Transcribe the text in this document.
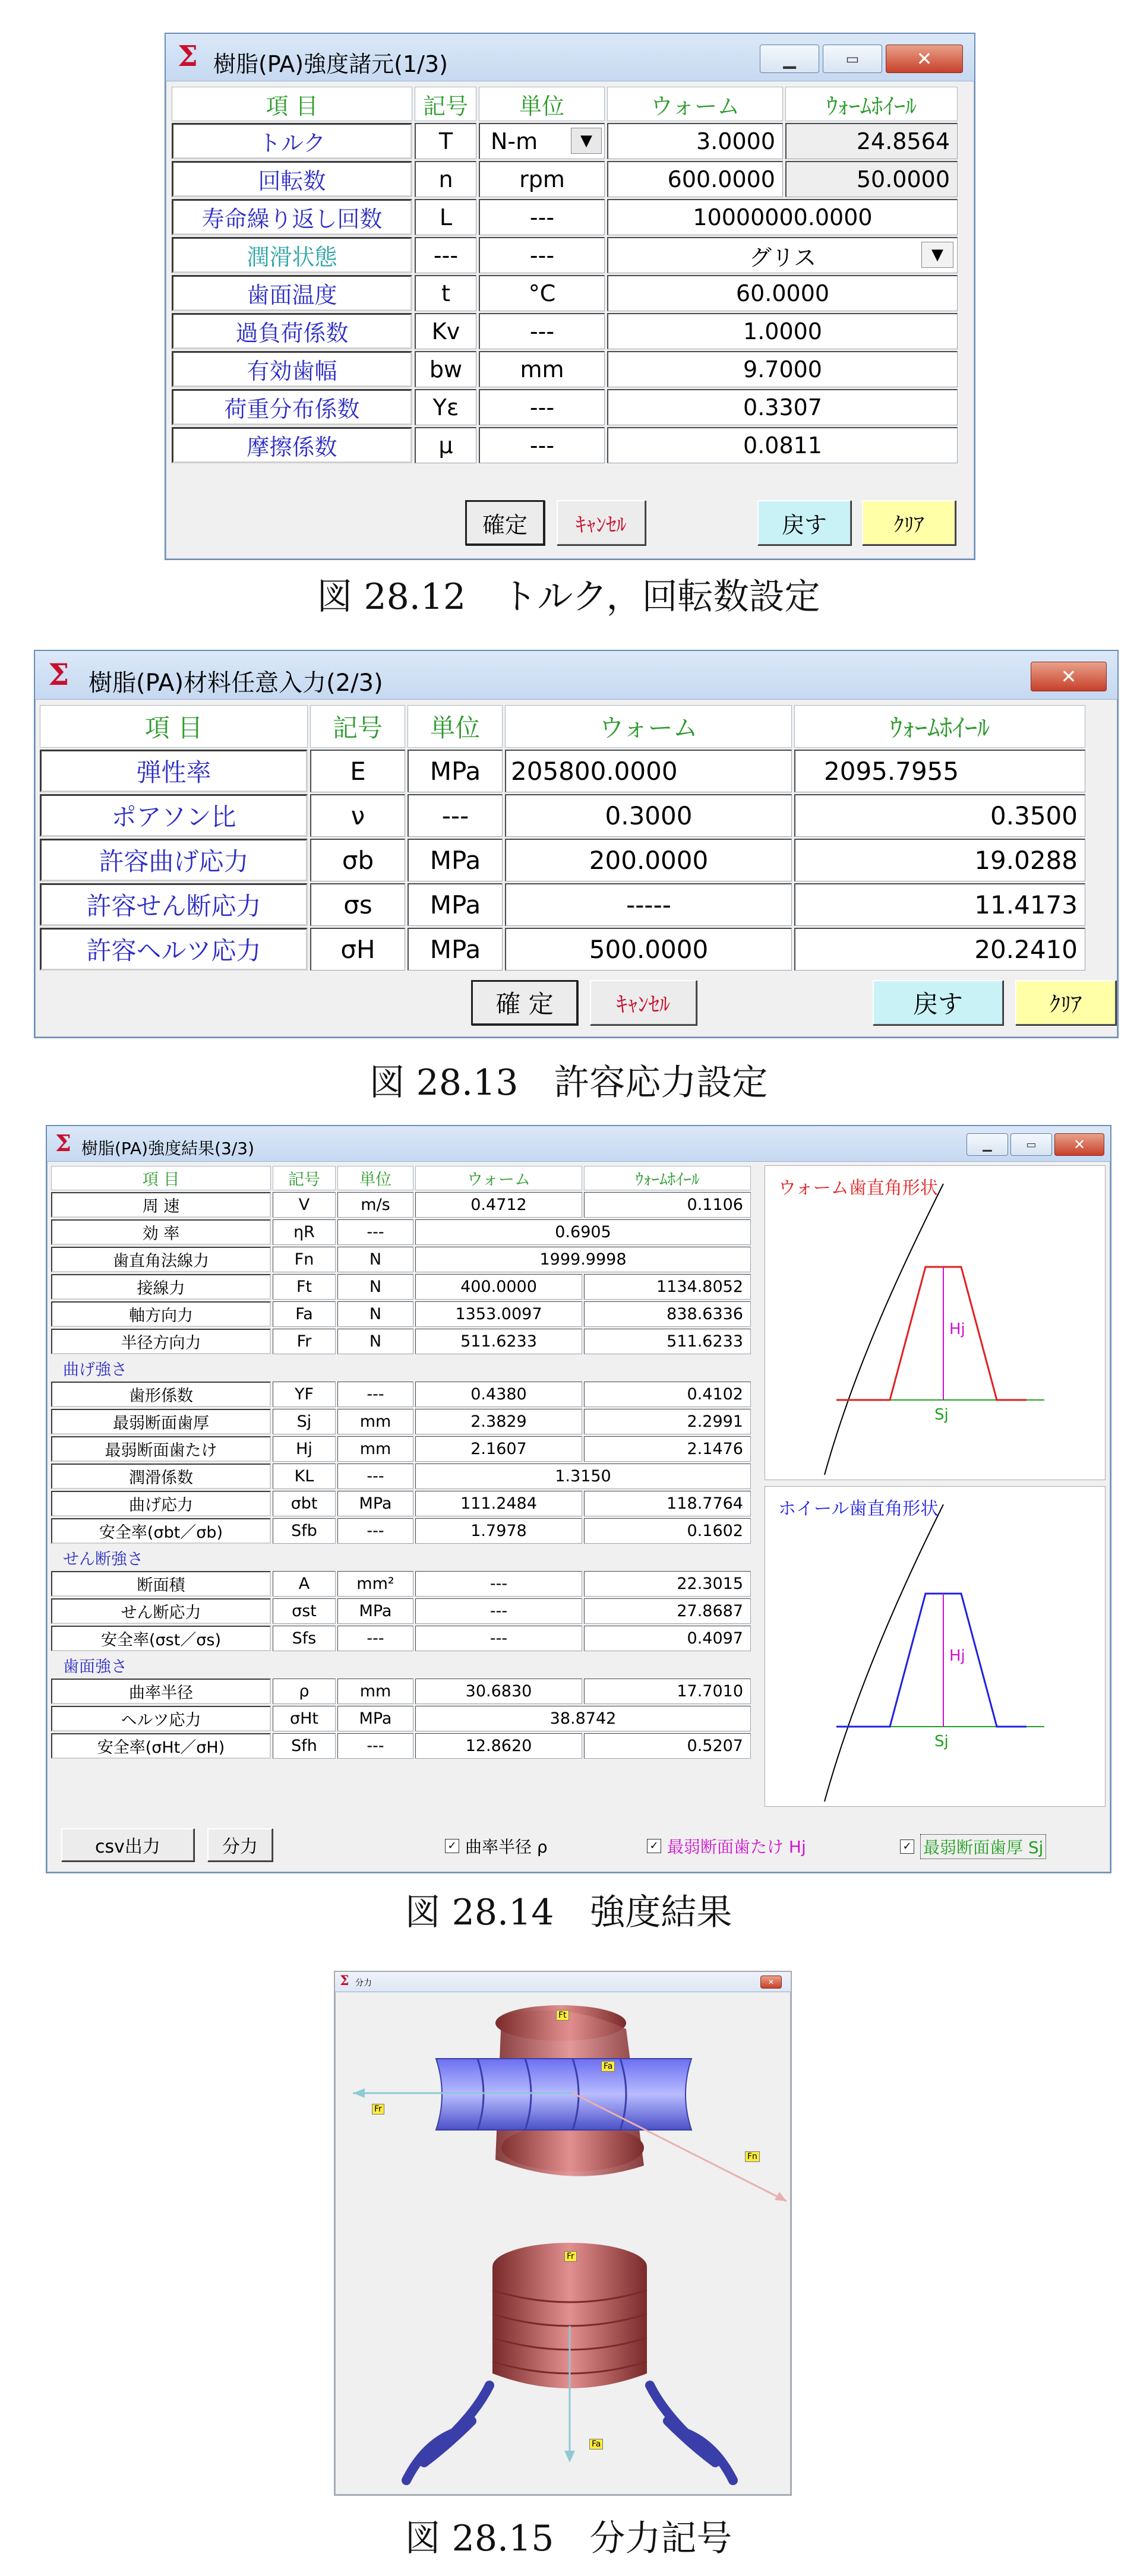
Σ 樹脂(PA)強度諸元(1/3)	▁	▭	✕
項 目	記号	単位	ウォーム	ｳｫｰﾑﾎｲｰﾙ
トルク	T	N-m ▼	3.0000	24.8564
回転数	n	rpm	600.0000	50.0000
寿命繰り返し回数	L	---	10000000.0000	
潤滑状態	---	---	グリス ▼	

歯面温度	t	°C	60.0000	
過負荷係数	Kv	---	1.0000	
有効歯幅	bw	mm	9.7000	
荷重分布係数	Yε	---	0.3307	
摩擦係数	μ	---	0.0811	
確定	ｷｬﾝｾﾙ	戻す	ｸﾘｱ
図 28.12　トルク，回転数設定
Σ 樹脂(PA)材料任意入力(2/3)	✕
項 目	記号	単位	ウォーム	ｳｫｰﾑﾎｲｰﾙ
弾性率	E	MPa	205800.0000	2095.7955
ポアソン比	ν	---	0.3000	0.3500
許容曲げ応力	σb	MPa	200.0000	19.0288
許容せん断応力	σs	MPa	-----	11.4173
許容ヘルツ応力	σH	MPa	500.0000	20.2410
確 定	ｷｬﾝｾﾙ	戻す	ｸﾘｱ
図 28.13　許容応力設定
Σ 樹脂(PA)強度結果(3/3)	▁	▭	✕
項 目	記号	単位	ウォーム	ｳｫｰﾑﾎｲｰﾙ
周 速	V	m/s	0.4712	0.1106
効 率	ηR	---	0.6905	
歯直角法線力	Fn	N	1999.9998	
接線力	Ft	N	400.0000	1134.8052
軸方向力	Fa	N	1353.0097	838.6336
半径方向力	Fr	N	511.6233	511.6233
曲げ強さ				
歯形係数	YF	---	0.4380	0.4102
最弱断面歯厚	Sj	mm	2.3829	2.2991
最弱断面歯たけ	Hj	mm	2.1607	2.1476
潤滑係数	KL	---	1.3150	
曲げ応力	σbt	MPa	111.2484	118.7764
安全率(σbt／σb)	Sfb	---	1.7978	0.1602
せん断強さ				
断面積	A	mm²	---	22.3015
せん断応力	σst	MPa	---	27.8687
安全率(σst／σs)	Sfs	---	---	0.4097
歯面強さ				
曲率半径	ρ	mm	30.6830	17.7010
ヘルツ応力	σHt	MPa	38.8742	
安全率(σHt／σH)	Sfh	---	12.8620	0.5207
ウォーム歯直角形状
Hj
Sj
ホイール歯直角形状
Hj
Sj
csv出力	分力	✓ 曲率半径 ρ	✓ 最弱断面歯たけ Hj	✓ 最弱断面歯厚 Sj
図 28.14　強度結果
Σ 分力	✕
Ft
Fa
Fr
Fn
Fr
Fa
図 28.15　分力記号
